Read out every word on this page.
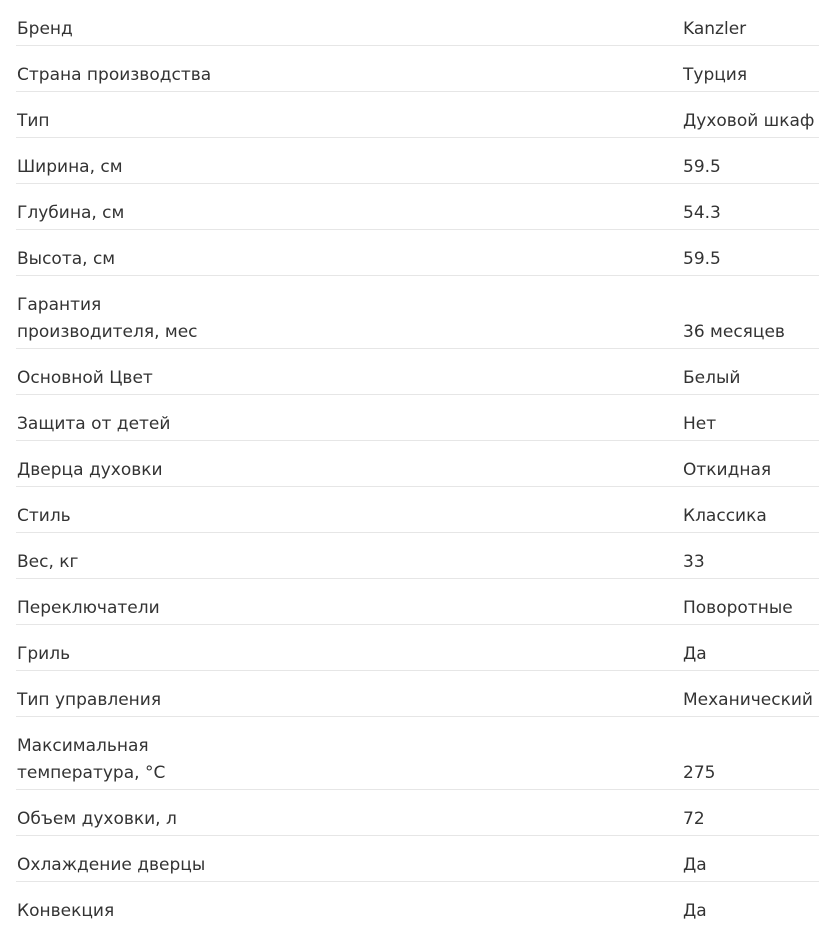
Бренд	Kanzler
Страна производства	Турция
Тип	Духовой шкаф
Ширина, см	59.5
Глубина, см	54.3
Высота, см	59.5
Гарантия производителя, мес	36 месяцев
Основной Цвет	Белый
Защита от детей	Нет
Дверца духовки	Откидная
Стиль	Классика
Вес, кг	33
Переключатели	Поворотные
Гриль	Да
Тип управления	Механический
Максимальная температура, °C	275
Объем духовки, л	72
Охлаждение дверцы	Да
Конвекция	Да
